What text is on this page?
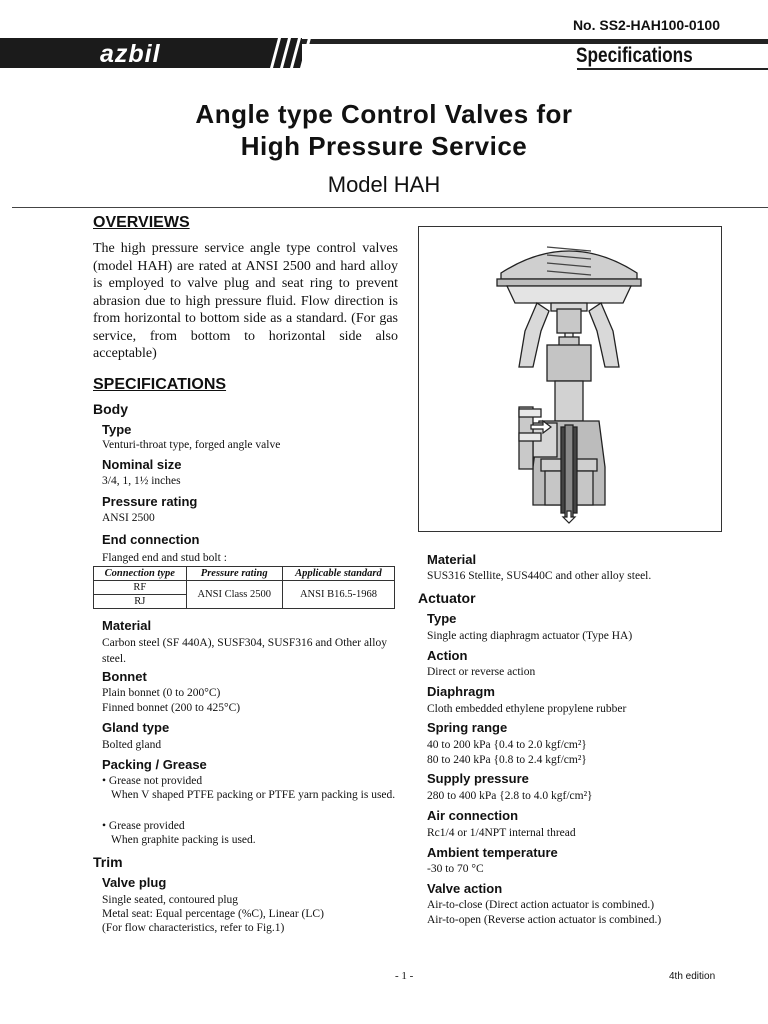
No. SS2-HAH100-0100
azbil	Specifications
Angle type Control Valves for
High Pressure Service
Model HAH
OVERVIEWS
The high pressure service angle type control valves (model HAH) are rated at ANSI 2500 and hard alloy is employed to valve plug and seat ring to prevent abrasion due to high pressure fluid. Flow direction is from horizontal to bottom side as a standard. (For gas service, from bottom to horizontal side also acceptable)
SPECIFICATIONS
Body
Type
Venturi-throat type, forged angle valve
Nominal size
3/4, 1, 1½ inches
Pressure rating
ANSI 2500
End connection
Flanged end and stud bolt :
Connection type	Pressure rating	Applicable standard
RF	ANSI Class 2500	ANSI B16.5-1968
RJ		
Material
Carbon steel (SF 440A), SUSF304, SUSF316 and Other alloy steel.
Bonnet
Plain bonnet (0 to 200°C)
Finned bonnet (200 to 425°C)
Gland type
Bolted gland
Packing / Grease
• Grease not provided
When V shaped PTFE packing or PTFE yarn packing is used.
• Grease provided
When graphite packing is used.
Trim
Valve plug
Single seated, contoured plug
Metal seat: Equal percentage (%C), Linear (LC)
(For flow characteristics, refer to Fig.1)
Material
SUS316 Stellite, SUS440C and other alloy steel.
Actuator
Type
Single acting diaphragm actuator (Type HA)
Action
Direct or reverse action
Diaphragm
Cloth embedded ethylene propylene rubber
Spring range
40 to 200 kPa {0.4 to 2.0 kgf/cm²}
80 to 240 kPa {0.8 to 2.4 kgf/cm²}
Supply pressure
280 to 400 kPa {2.8 to 4.0 kgf/cm²}
Air connection
Rc1/4 or 1/4NPT internal thread
Ambient temperature
-30 to 70 °C
Valve action
Air-to-close (Direct action actuator is combined.)
Air-to-open (Reverse action actuator is combined.)
- 1 -	4th edition
